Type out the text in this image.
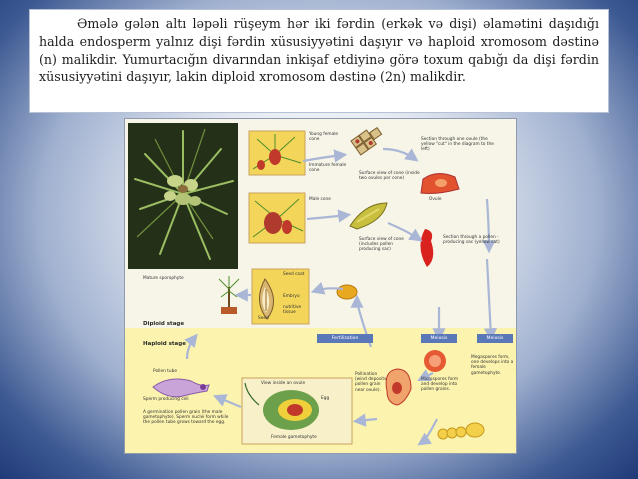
Əmələ gələn altı ləpəli rüşeym hər iki fərdin (erkək və dişi) əlamətini daşıdığı halda endosperm yalnız dişi fərdin xüsusiyyətini daşıyır və haploid xromosom dəstinə (n) malikdir. Yumurtacığın divarından inkişaf etdiyinə görə toxum qabığı da dişi fərdin xüsusiyyətini daşıyır, lakin diploid xromosom dəstinə (2n) malikdir.
Diploid stage
Haploid stage
Fertilization	Meiosis	Meiosis
Young female cone
Immature female cone
Male cone
Surface view of cone (inside two ovules per cone)
Surface view of cone (includes pollen producing sac)
Section through one ovule (the yellow "cut" in the diagram to the left)
Ovule
Section through a pollen - producing sac (yellow cut)
Mature sporophyte
Seed coat
Embryo
nutritive tissue
Seed
Pollen tube
Sperm producing cell
A germination pollen grain (the male gametophyte). Sperm nuclei form while the pollen tube grows toward the egg.
View inside an ovule
Egg
Female gametophyte
Pollination (wind deposits pollen grain near ovule).
Microspores form and develop into pollen grains.
Megaspores form, one develops into a female gametophyte.
